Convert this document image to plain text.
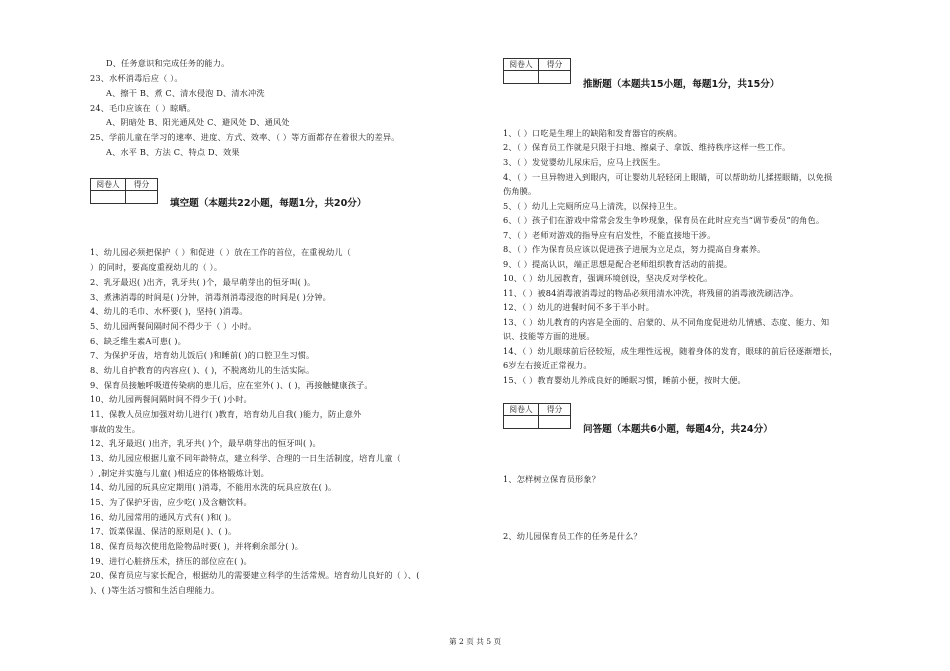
D、任务意识和完成任务的能力。
23、水杯消毒后应（ ）。
A、擦干 B、煮 C、清水侵泡 D、清水冲洗
24、毛巾应该在（ ）晾晒。
A、阴暗处 B、阳光通风处 C、避风处 D、通风处
25、学前儿童在学习的速率、进度、方式、效率、（ ）等方面都存在着很大的差异。
A、水平 B、方法 C、特点 D、效果
阅卷人	得分

填空题（本题共22小题，每题1分，共20分）
1、幼儿园必须把保护（ ）和促进（ ）放在工作的首位，在重视幼儿（
）的同时，要高度重视幼儿的（ ）。
2、乳牙最迟( )出齐，乳牙共( )个，最早萌芽出的恒牙叫( )。
3、煮沸消毒的时间是( )分钟，消毒剂消毒浸泡的时间是( )分钟。
4、幼儿的毛巾、水杯要( )，坚持( )消毒。
5、幼儿园两餐间隔时间不得少于（ ）小时。
6、缺乏维生素A可患( )。
7、为保护牙齿，培育幼儿饭后( )和睡前( )的口腔卫生习惯。
8、幼儿自护教育的内容应( )、( )，不脱离幼儿的生活实际。
9、保育员接触呼吸道传染病的患儿后，应在室外( )、( )，再接触健康孩子。
10、幼儿园两餐间隔时间不得少于( )小时。
11、保教人员应加强对幼儿进行( )教育，培育幼儿自我( )能力，防止意外
事故的发生。
12、乳牙最迟( )出齐，乳牙共( )个，最早萌芽出的恒牙叫( )。
13、幼儿园应根据儿童不同年龄特点，建立科学、合理的一日生活制度，培育儿童（
）,制定并实施与儿童( )相适应的体格锻炼计划。
14、幼儿园的玩具应定期用( )消毒，不能用水洗的玩具应放在( )。
15、为了保护牙齿，应少吃( )及含糖饮料。
16、幼儿园常用的通风方式有( )和( )。
17、饭菜保温、保洁的原则是( )、( )。
18、保育员每次使用危险物品时要( )，并将剩余部分( )。
19、进行心脏挤压术，挤压的部位应在( )。
20、保育员应与家长配合，根据幼儿的需要建立科学的生活常规。培育幼儿良好的（ ）、(
)、( )等生活习惯和生活自理能力。
阅卷人	得分

推断题（本题共15小题，每题1分，共15分）
1、（ ）口吃是生理上的缺陷和发育器官的疾病。
2、（ ）保育员工作就是只限于扫地、擦桌子、拿饭、维持秩序这样一些工作。
3、（ ）发觉婴幼儿尿床后，应马上找医生。
4、（ ）一旦异物进入到眼内，可让婴幼儿轻轻闭上眼睛，可以帮助幼儿揉搓眼睛，以免损
伤角膜。
5、（ ）幼儿上完厕所应马上清洗，以保持卫生。
6、（ ）孩子们在游戏中常常会发生争吵现象，保育员在此时应充当“调节委员”的角色。
7、（ ）老师对游戏的指导应有启发性，不能直接地干涉。
8、（ ）作为保育员应该以促进孩子进展为立足点，努力提高自身素养。
9、（ ）提高认识，端正思想是配合老师组织教育活动的前提。
10、（ ）幼儿园教育，强调环境创设，坚决反对学校化。
11、（ ）被84消毒液消毒过的物品必须用清水冲洗，将残留的消毒液洗刷洁净。
12、（ ）幼儿的进餐时间不多于半小时。
13、（ ）幼儿教育的内容是全面的、启蒙的、从不同角度促进幼儿情感、态度、能力、知
识、技能等方面的进展。
14、（ ）幼儿眼球前后径较短，成生理性远视，随着身体的发育，眼球的前后径逐渐增长，
6岁左右接近正常视力。
15、（ ）教育婴幼儿养成良好的睡眠习惯，睡前小便，按时大便。
阅卷人	得分

问答题（本题共6小题，每题4分，共24分）
1、怎样树立保育员形象？
2、幼儿园保育员工作的任务是什么？
第 2 页 共 5 页
